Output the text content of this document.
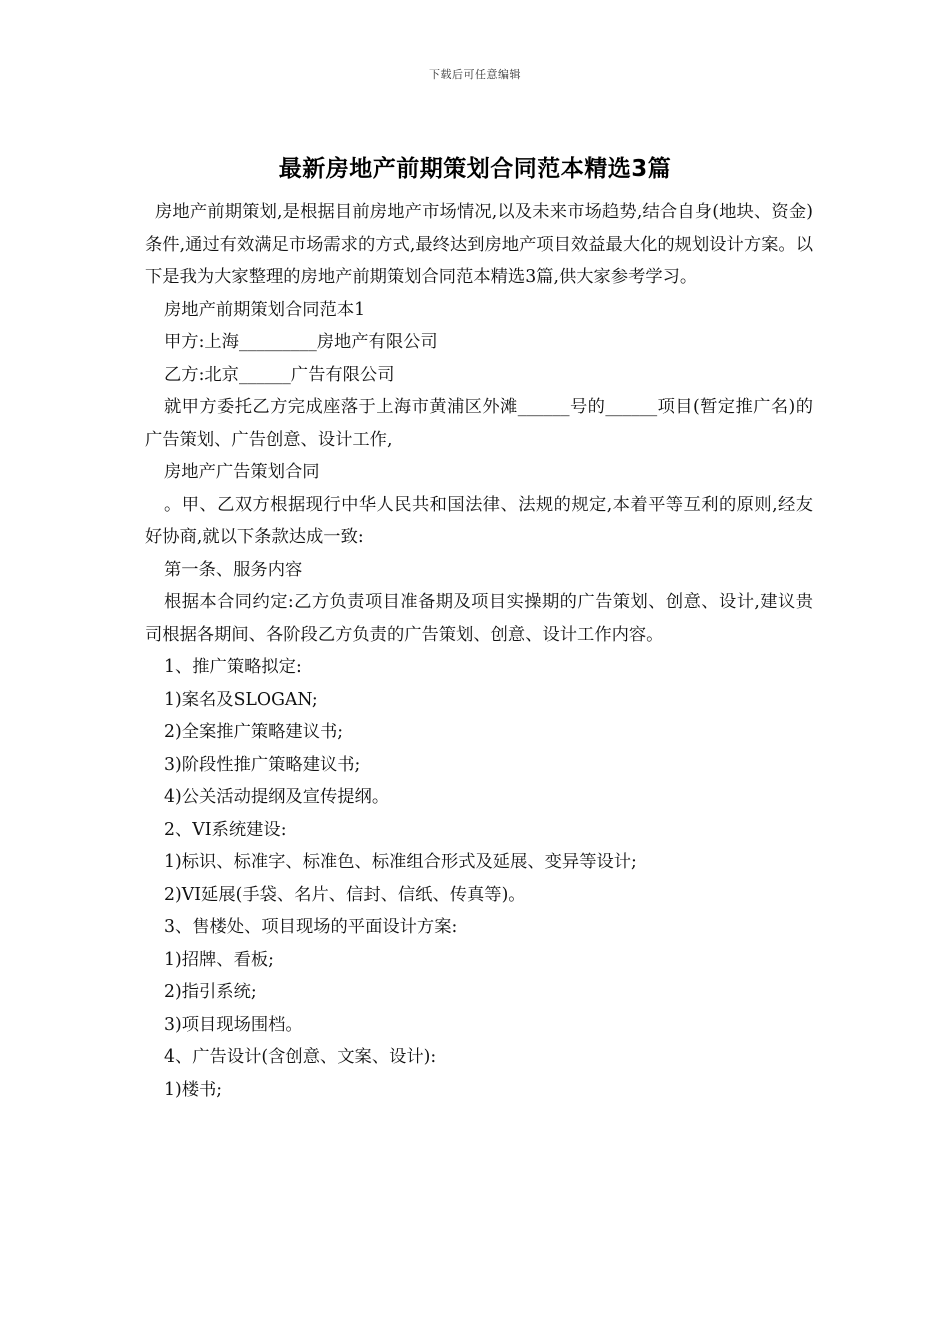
下载后可任意编辑
最新房地产前期策划合同范本精选3篇

房地产前期策划,是根据目前房地产市场情况,以及未来市场趋势,结合自身(地块、资金)条件,通过有效满足市场需求的方式,最终达到房地产项目效益最大化的规划设计方案。以下是我为大家整理的房地产前期策划合同范本精选3篇,供大家参考学习。

房地产前期策划合同范本1

甲方:上海_________房地产有限公司

乙方:北京______广告有限公司

就甲方委托乙方完成座落于上海市黄浦区外滩______号的______项目(暂定推广名)的广告策划、广告创意、设计工作,

房地产广告策划合同

。甲、乙双方根据现行中华人民共和国法律、法规的规定,本着平等互利的原则,经友好协商,就以下条款达成一致:

第一条、服务内容

根据本合同约定:乙方负责项目准备期及项目实操期的广告策划、创意、设计,建议贵司根据各期间、各阶段乙方负责的广告策划、创意、设计工作内容。

1、推广策略拟定:

1)案名及SLOGAN;

2)全案推广策略建议书;

3)阶段性推广策略建议书;

4)公关活动提纲及宣传提纲。

2、VI系统建设:

1)标识、标准字、标准色、标准组合形式及延展、变异等设计;

2)VI延展(手袋、名片、信封、信纸、传真等)。

3、售楼处、项目现场的平面设计方案:

1)招牌、看板;

2)指引系统;

3)项目现场围档。

4、广告设计(含创意、文案、设计):

1)楼书;
